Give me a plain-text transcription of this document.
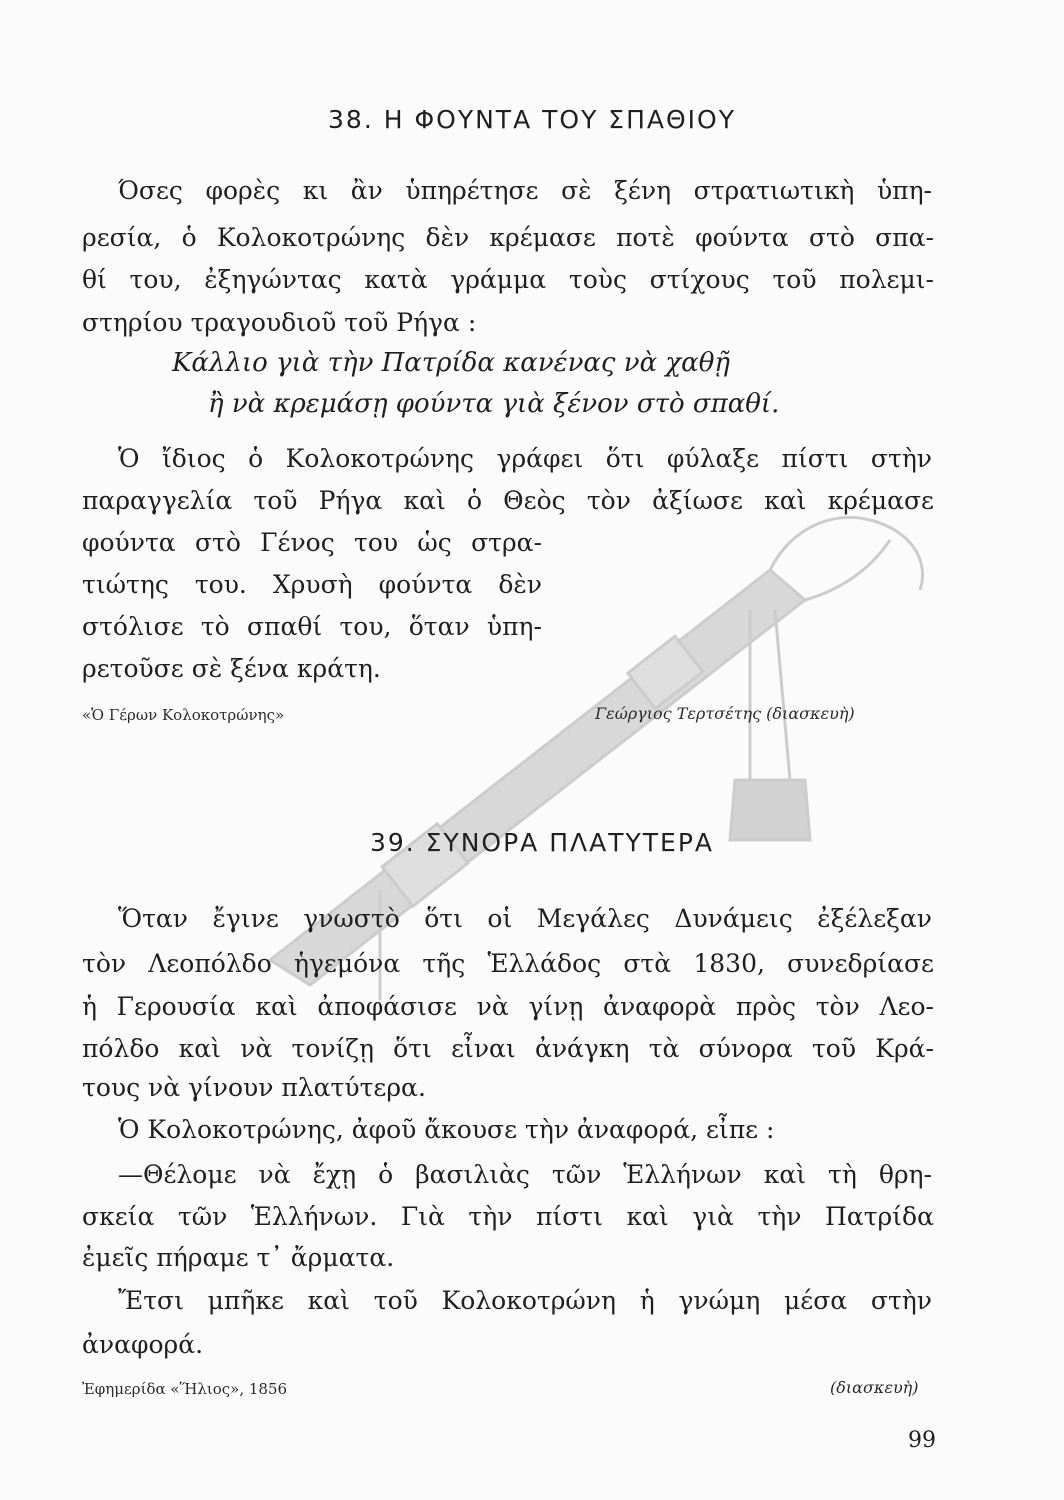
38. Η ΦΟΥΝΤΑ ΤΟΥ ΣΠΑΘΙΟΥ
Όσες φορὲς κι ἂν ὑπηρέτησε σὲ ξένη στρατιωτικὴ ὑπη-
ρεσία, ὁ Κολοκοτρώνης δὲν κρέμασε ποτὲ φούντα στὸ σπα-
θί του, ἐξηγώντας κατὰ γράμμα τοὺς στίχους τοῦ πολεμι-
στηρίου τραγουδιοῦ τοῦ Ρήγα :
Κάλλιο γιὰ τὴν Πατρίδα κανένας νὰ χαθῇ
ἢ νὰ κρεμάσῃ φούντα γιὰ ξένον στὸ σπαθί.
Ὁ ἴδιος ὁ Κολοκοτρώνης γράφει ὅτι φύλαξε πίστι στὴν
παραγγελία τοῦ Ρήγα καὶ ὁ Θεὸς τὸν ἀξίωσε καὶ κρέμασε
φούντα στὸ Γένος του ὡς στρα-
τιώτης του. Χρυσὴ φούντα δὲν
στόλισε τὸ σπαθί του, ὅταν ὑπη-
ρετοῦσε σὲ ξένα κράτη.
«Ὁ Γέρων Κολοκοτρώνης»	Γεώργιος Τερτσέτης (διασκευὴ)
39. ΣΥΝΟΡΑ ΠΛΑΤΥΤΕΡΑ
Ὅταν ἔγινε γνωστὸ ὅτι οἱ Μεγάλες Δυνάμεις ἐξέλεξαν
τὸν Λεοπόλδο ἡγεμόνα τῆς Ἑλλάδος στὰ 1830, συνεδρίασε
ἡ Γερουσία καὶ ἀποφάσισε νὰ γίνῃ ἀναφορὰ πρὸς τὸν Λεο-
πόλδο καὶ νὰ τονίζῃ ὅτι εἶναι ἀνάγκη τὰ σύνορα τοῦ Κρά-
τους νὰ γίνουν πλατύτερα.
Ὁ Κολοκοτρώνης, ἀφοῦ ἄκουσε τὴν ἀναφορά, εἶπε :
—Θέλομε νὰ ἔχῃ ὁ βασιλιὰς τῶν Ἑλλήνων καὶ τὴ θρη-
σκεία τῶν Ἑλλήνων. Γιὰ τὴν πίστι καὶ γιὰ τὴν Πατρίδα
ἐμεῖς πήραμε τ᾿ ἄρματα.
Ἔτσι μπῆκε καὶ τοῦ Κολοκοτρώνη ἡ γνώμη μέσα στὴν
ἀναφορά.
Ἐφημερίδα «Ἥλιος», 1856	(διασκευὴ)
99
